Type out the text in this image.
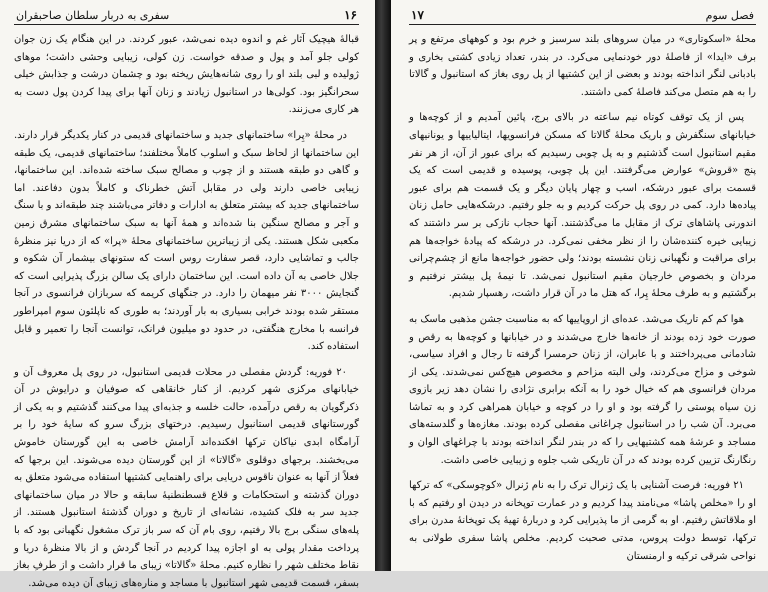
۱۶
سفری به دربار سلطان صاحبقران

قبالهٔ هیچیک آثار غم و اندوه دیده نمی‌شد، عبور کردند. در این هنگام یک زن جوان کولی جلو آمد و پول و صدقه خواست. زن کولی، زیبایی وحشی داشت؛ موهای ژولیده و لبی بلند او را روی شانه‌هایش ریخته بود و چشمان درشت و جذابش خیلی سحرانگیز بود. کولی‌ها در استانبول زیادند و زنان آنها برای پیدا کردن پول دست به هر کاری می‌زنند.

در محلهٔ «پِرا» ساختمانهای جدید و ساختمانهای قدیمی در کنار یکدیگر قرار دارند. این ساختمانها از لحاظ سبک و اسلوب کاملاً مختلفند؛ ساختمانهای قدیمی، یک طبقه و گاهی دو طبقه هستند و از چوب و مصالح سبک ساخته شده‌اند. این ساختمانها، زیبایی خاصی دارند ولی در مقابل آتش خطرناک و کاملاً بدون دفاعند. اما ساختمانهای جدید که بیشتر متعلق به ادارات و دفاتر می‌باشند چند طبقه‌اند و با سنگ و آجر و مصالح سنگین بنا شده‌اند و همهٔ آنها به سبک ساختمانهای مشرق زمین مکعبی شکل هستند. یکی از زیباترین ساختمانهای محلهٔ «پرا» که از دریا نیز منظرهٔ جالب و تماشایی دارد، قصر سفارت روس است که ستونهای بیشمار آن شکوه و جلال خاصی به آن داده است. این ساختمان دارای یک سالن بزرگ پذیرایی است که گنجایش ۳۰۰۰ نفر میهمان را دارد. در جنگهای کریمه که سربازان فرانسوی در آنجا مستقر شده بودند خرابی بسیاری به بار آوردند؛ به طوری که ناپلئون سوم امپراطور فرانسه با مخارج هنگفتی، در حدود دو میلیون فرانک، توانست آنجا را تعمیر و قابل استفاده کند.

۲۰ فوریه: گردش مفصلی در محلات قدیمی استانبول، در روی پل معروف آن و خیابانهای مرکزی شهر کردیم. از کنار خانقاهی که صوفیان و درایوش در آن ذکرگویان به رقص درآمده، حالت خلسه و جذبه‌ای پیدا می‌کنند گذشتیم و به یکی از گورستانهای قدیمی استانبول رسیدیم. درختهای بزرگ سرو که سایهٔ خود را بر آرامگاه ابدی نیاکان ترکها افکنده‌اند آرامش خاصی به این گورستان خاموش می‌بخشند. برجهای دوقلوی «گالاتا» از این گورستان دیده می‌شوند. این برجها که فعلاً از آنها به عنوان ناقوس دریایی برای راهنمایی کشتیها استفاده می‌شود متعلق به دوران گذشته و استحکامات و قلاع قسطنطنیهٔ سابقه و حالا در میان ساختمانهای جدید سر به فلک کشیده، نشانه‌ای از تاریخ و دوران گذشتهٔ استانبول هستند. از پله‌های سنگی برج بالا رفتیم، روی بام آن که سر باز ترک مشغول نگهبانی بود که با پرداخت مقدار پولی به او اجازه پیدا کردیم در آنجا گردش و از بالا منظرهٔ دریا و نقاط مختلف شهر را نظاره کنیم. محلهٔ «گالاتا» زیبای ما قرار داشت و از طرفِ بغاز بسفر، قسمت قدیمی شهر استانبول با مساجد و مناره‌های زیبای آن دیده می‌شد.

فصل سوم
۱۷

محلهٔ «اسکوتاری» در میان سروهای بلند سرسبز و خرم بود و کوههای مرتفع و پر برف «ایدا» از فاصلهٔ دور خودنمایی می‌کرد. در بندر، تعداد زیادی کشتی بخاری و بادبانی لنگر انداخته بودند و بعضی از این کشتیها از پل روی بغاز که استانبول و گالاتا را به هم متصل می‌کند فاصلهٔ کمی داشتند.

پس از یک توقف کوتاه نیم ساعته در بالای برج، پائین آمدیم و از کوچه‌ها و خیابانهای سنگفرش و باریک محلهٔ گالاتا که مسکن فرانسویها، ایتالیاییها و یونانیهای مقیم استانبول است گذشتیم و به پل چوبی رسیدیم که برای عبور از آن، از هر نفر پنج «قروش» عوارض می‌گرفتند. این پل چوبی، پوسیده و قدیمی است که یک قسمت برای عبور درشکه، اسب و چهار پایان دیگر و یک قسمت هم برای عبور پیاده‌ها دارد. کمی در روی پل حرکت کردیم و به جلو رفتیم. درشکه‌هایی حامل زنان اندورنی پاشاهای ترک از مقابل ما می‌گذشتند. آنها حجاب نازکی بر سر داشتند که زیبایی خیره کننده‌شان را از نظر مخفی نمی‌کرد. در درشکه که پیادهٔ خواجه‌ها هم برای مراقبت و نگهبانی زنان نشسته بودند؛ ولی حضور خواجه‌ها مانع از چشم‌چرانی مردان و بخصوص خارجیان مقیم استانبول نمی‌شد. تا نیمهٔ پل بیشتر نرفتیم و برگشتیم و به طرف محلهٔ پِرا، که هتل ما در آن قرار داشت، رهسپار شدیم.

هوا کم کم تاریک می‌شد. عده‌ای از اروپاییها که به مناسبت جشن مذهبی ماسک به صورت خود زده بودند از خانه‌ها خارج می‌شدند و در خیابانها و کوچه‌ها به رقص و شادمانی می‌پرداختند و با عابران، از زنان حرمسرا گرفته تا رجال و افراد سیاسی، شوخی و مزاح می‌کردند، ولی البته مزاحم و مخصوص هیچ‌کس نمی‌شدند. یکی از مردان فرانسوی هم که خیال خود را به آنکه برابری نژادی را نشان دهد زیر بازوی زن سیاه پوستی را گرفته بود و او را در کوچه و خیابان همراهی کرد و به تماشا می‌برد. آن شب را در استانبول چراغانی مفصلی کرده بودند. مغازه‌ها و گلدسته‌های مساجد و عرشهٔ همه کشتیهایی را که در بندر لنگر انداخته بودند با چراغهای الوان و رنگارنگ تزیین کرده بودند که در آن تاریکی شب جلوه و زیبایی خاصی داشت.

۲۱ فوریه: فرصت آشنایی با یک ژنرال ترک را به نام ژنرال «کوچوسکی» که ترکها او را «مخلص پاشا» می‌نامند پیدا کردیم و در عمارت توپخانه در دیدن او رفتیم که با او ملاقاتش رفتیم. او به گرمی از ما پذیرایی کرد و دربارهٔ تهیهٔ یک توپخانهٔ مدرن برای ترکها، توسط دولت پروس، مدتی صحبت کردیم. مخلص پاشا سفری طولانی به نواحی شرقی ترکیه و ارمنستان
